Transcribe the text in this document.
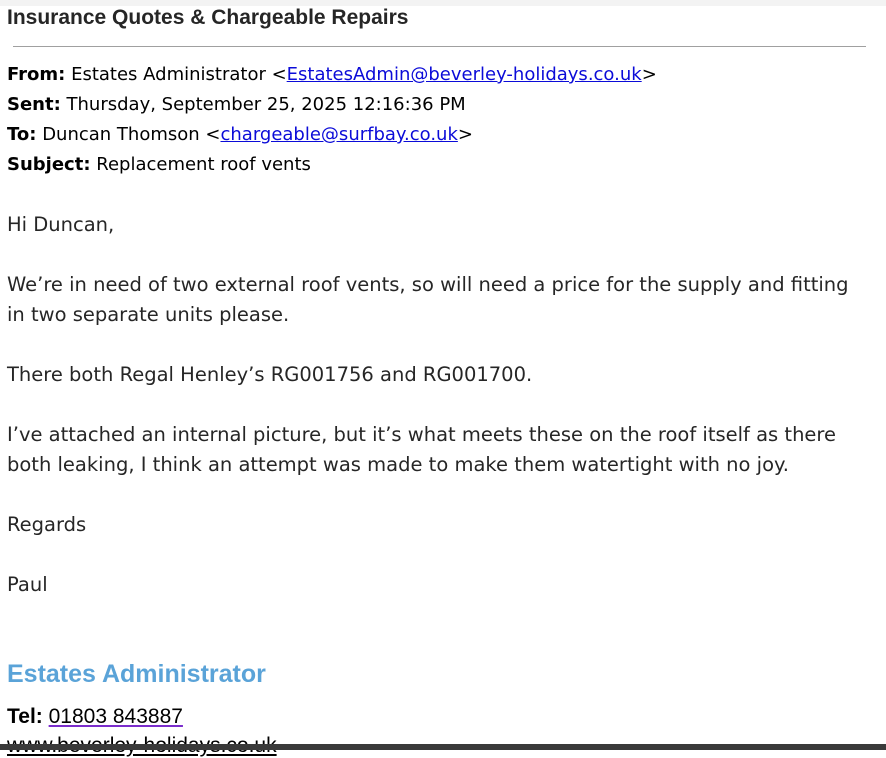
Insurance Quotes & Chargeable Repairs
From: Estates Administrator <EstatesAdmin@beverley-holidays.co.uk>
Sent: Thursday, September 25, 2025 12:16:36 PM
To: Duncan Thomson <chargeable@surfbay.co.uk>
Subject: Replacement roof vents
Hi Duncan,
We’re in need of two external roof vents, so will need a price for the supply and fitting
in two separate units please.
There both Regal Henley’s RG001756 and RG001700.
I’ve attached an internal picture, but it’s what meets these on the roof itself as there
both leaking, I think an attempt was made to make them watertight with no joy.
Regards
Paul
Estates Administrator
Tel: 01803 843887
